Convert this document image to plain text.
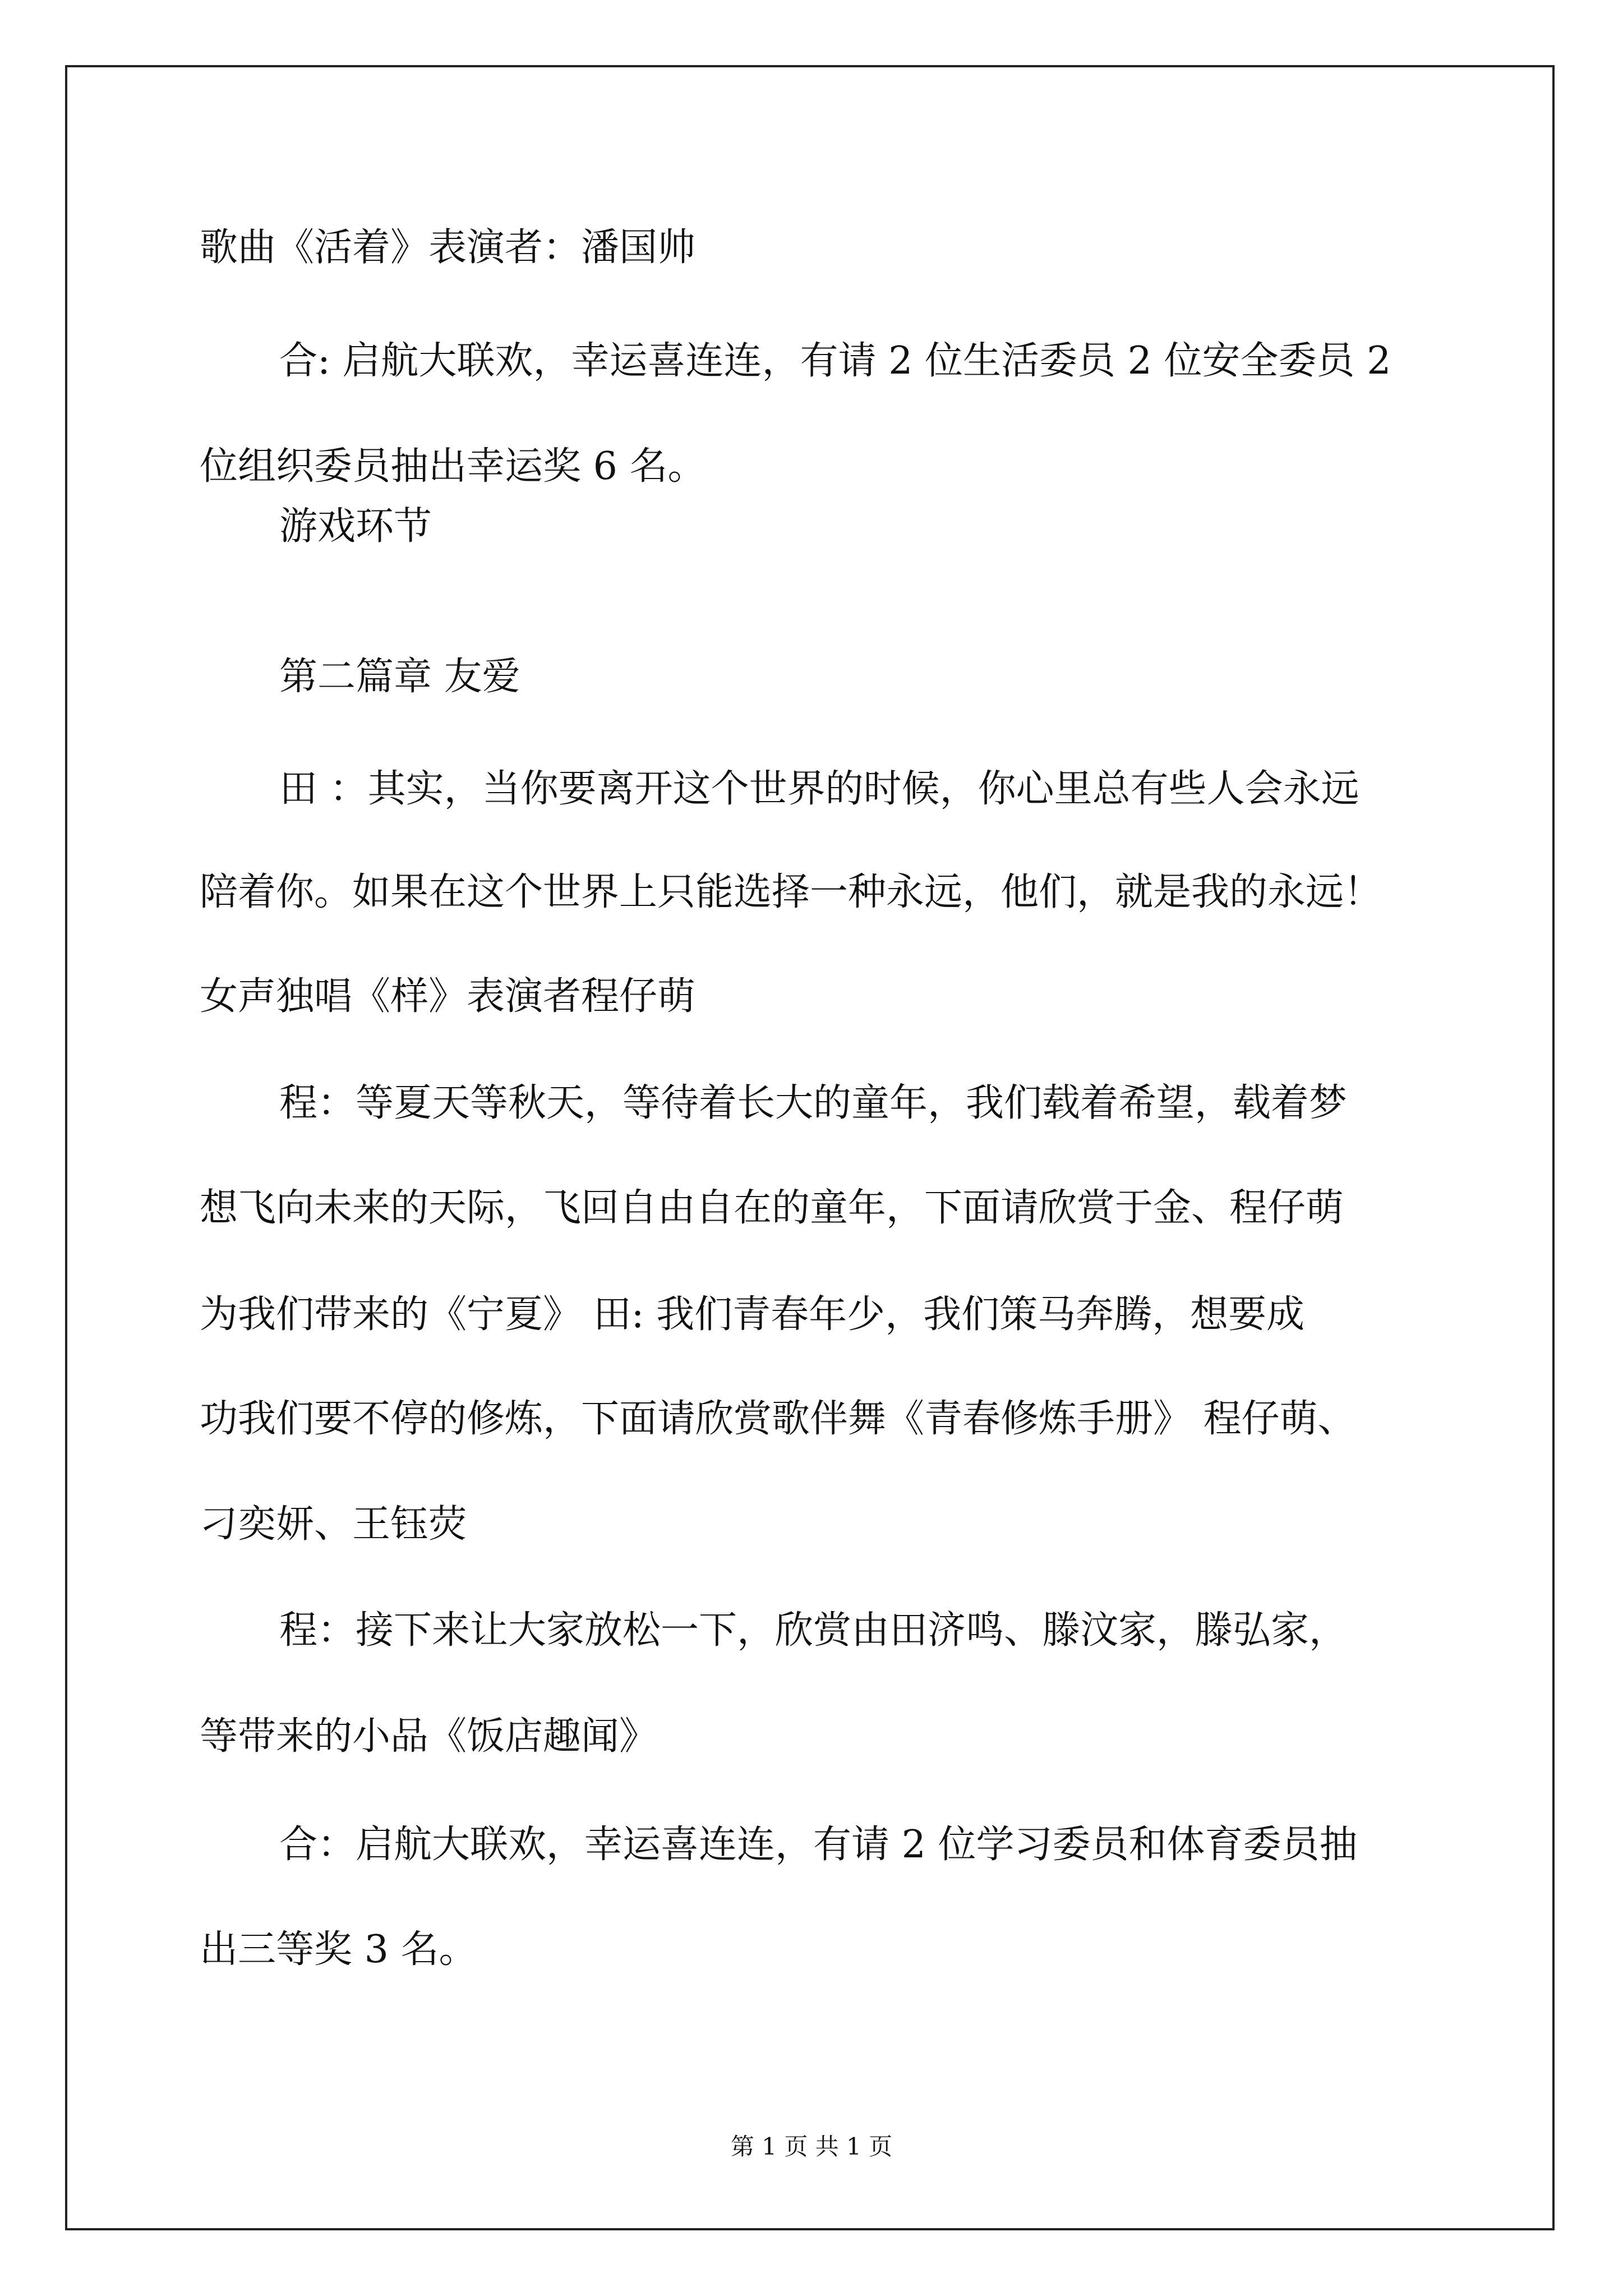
歌曲《活着》表演者：潘国帅
合: 启航大联欢，幸运喜连连，有请 2 位生活委员 2 位安全委员 2
位组织委员抽出幸运奖 6 名。
游戏环节
第二篇章 友爱
田 ：其实，当你要离开这个世界的时候，你心里总有些人会永远
陪着你。如果在这个世界上只能选择一种永远，他们，就是我的永远！
女声独唱《样》表演者程仔萌
程：等夏天等秋天，等待着长大的童年，我们载着希望，载着梦
想飞向未来的天际，飞回自由自在的童年，下面请欣赏于金、程仔萌
为我们带来的《宁夏》 田: 我们青春年少，我们策马奔腾，想要成
功我们要不停的修炼，下面请欣赏歌伴舞《青春修炼手册》 程仔萌、
刁奕妍、王钰荧
程：接下来让大家放松一下，欣赏由田济鸣、滕汶家，滕弘家，
等带来的小品《饭店趣闻》
合：启航大联欢，幸运喜连连，有请 2 位学习委员和体育委员抽
出三等奖 3 名。
第 1 页 共 1 页
